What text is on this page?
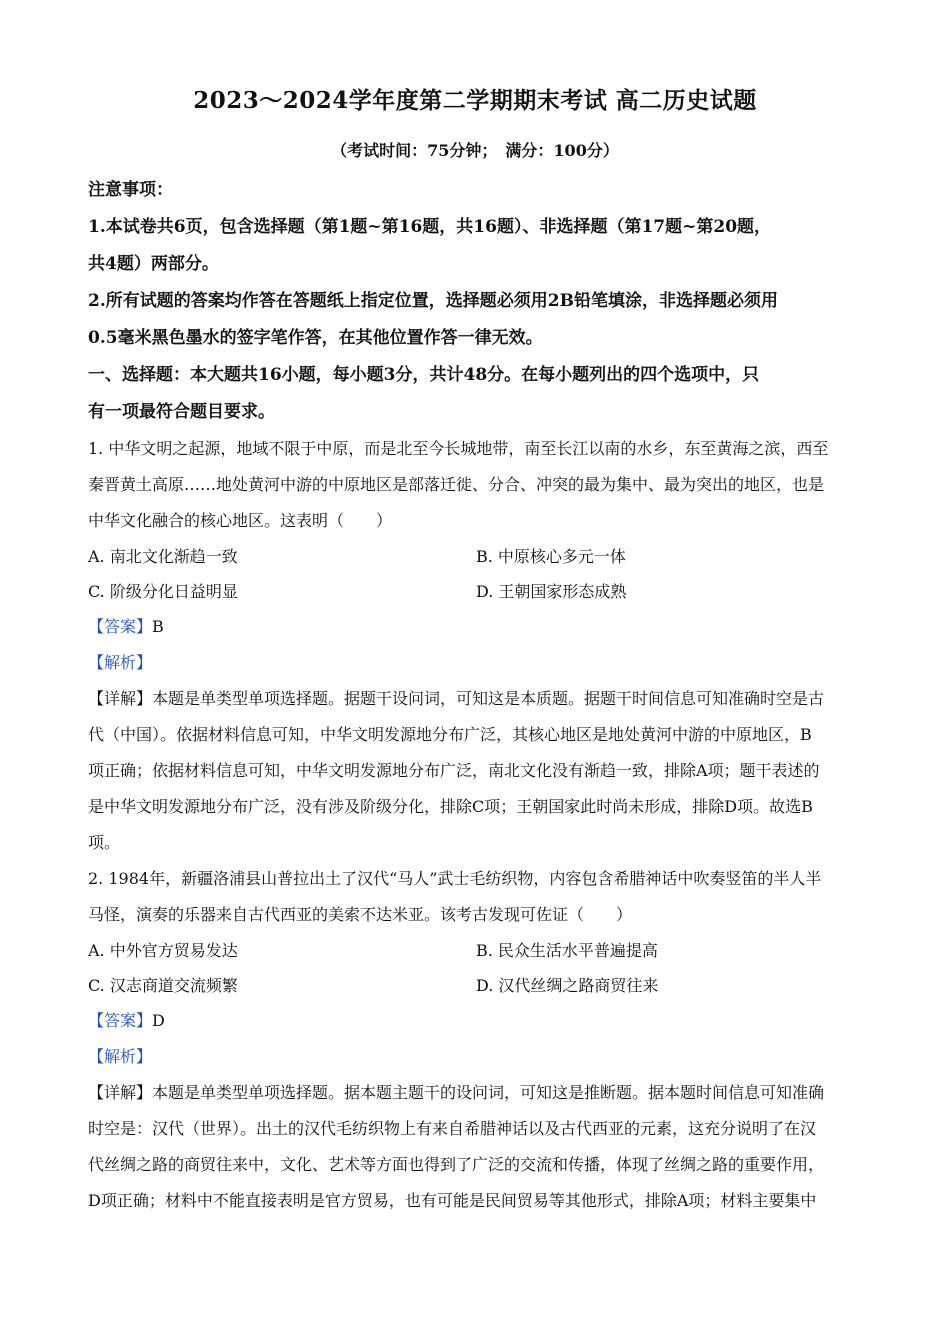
2023～2024学年度第二学期期末考试 高二历史试题
（考试时间：75分钟；　满分：100分）
注意事项：
1.本试卷共6页，包含选择题（第1题~第16题，共16题）、非选择题（第17题~第20题，
共4题）两部分。
2.所有试题的答案均作答在答题纸上指定位置，选择题必须用2B铅笔填涂，非选择题必须用
0.5毫米黑色墨水的签字笔作答，在其他位置作答一律无效。
一、选择题：本大题共16小题，每小题3分，共计48分。在每小题列出的四个选项中，只
有一项最符合题目要求。
1. 中华文明之起源，地域不限于中原，而是北至今长城地带，南至长江以南的水乡，东至黄海之滨，西至
秦晋黄土高原……地处黄河中游的中原地区是部落迁徙、分合、冲突的最为集中、最为突出的地区，也是
中华文化融合的核心地区。这表明（　　）
A. 南北文化渐趋一致	B. 中原核心多元一体
C. 阶级分化日益明显	D. 王朝国家形态成熟
【答案】B
【解析】
【详解】本题是单类型单项选择题。据题干设问词，可知这是本质题。据题干时间信息可知准确时空是古
代（中国）。依据材料信息可知，中华文明发源地分布广泛，其核心地区是地处黄河中游的中原地区，B
项正确；依据材料信息可知，中华文明发源地分布广泛，南北文化没有渐趋一致，排除A项；题干表述的
是中华文明发源地分布广泛，没有涉及阶级分化，排除C项；王朝国家此时尚未形成，排除D项。故选B
项。
2. 1984年，新疆洛浦县山普拉出土了汉代“马人”武士毛纺织物，内容包含希腊神话中吹奏竖笛的半人半
马怪，演奏的乐器来自古代西亚的美索不达米亚。该考古发现可佐证（　　）
A. 中外官方贸易发达	B. 民众生活水平普遍提高
C. 汉志商道交流频繁	D. 汉代丝绸之路商贸往来
【答案】D
【解析】
【详解】本题是单类型单项选择题。据本题主题干的设问词，可知这是推断题。据本题时间信息可知准确
时空是：汉代（世界）。出土的汉代毛纺织物上有来自希腊神话以及古代西亚的元素，这充分说明了在汉
代丝绸之路的商贸往来中，文化、艺术等方面也得到了广泛的交流和传播，体现了丝绸之路的重要作用，
D项正确；材料中不能直接表明是官方贸易，也有可能是民间贸易等其他形式，排除A项；材料主要集中
